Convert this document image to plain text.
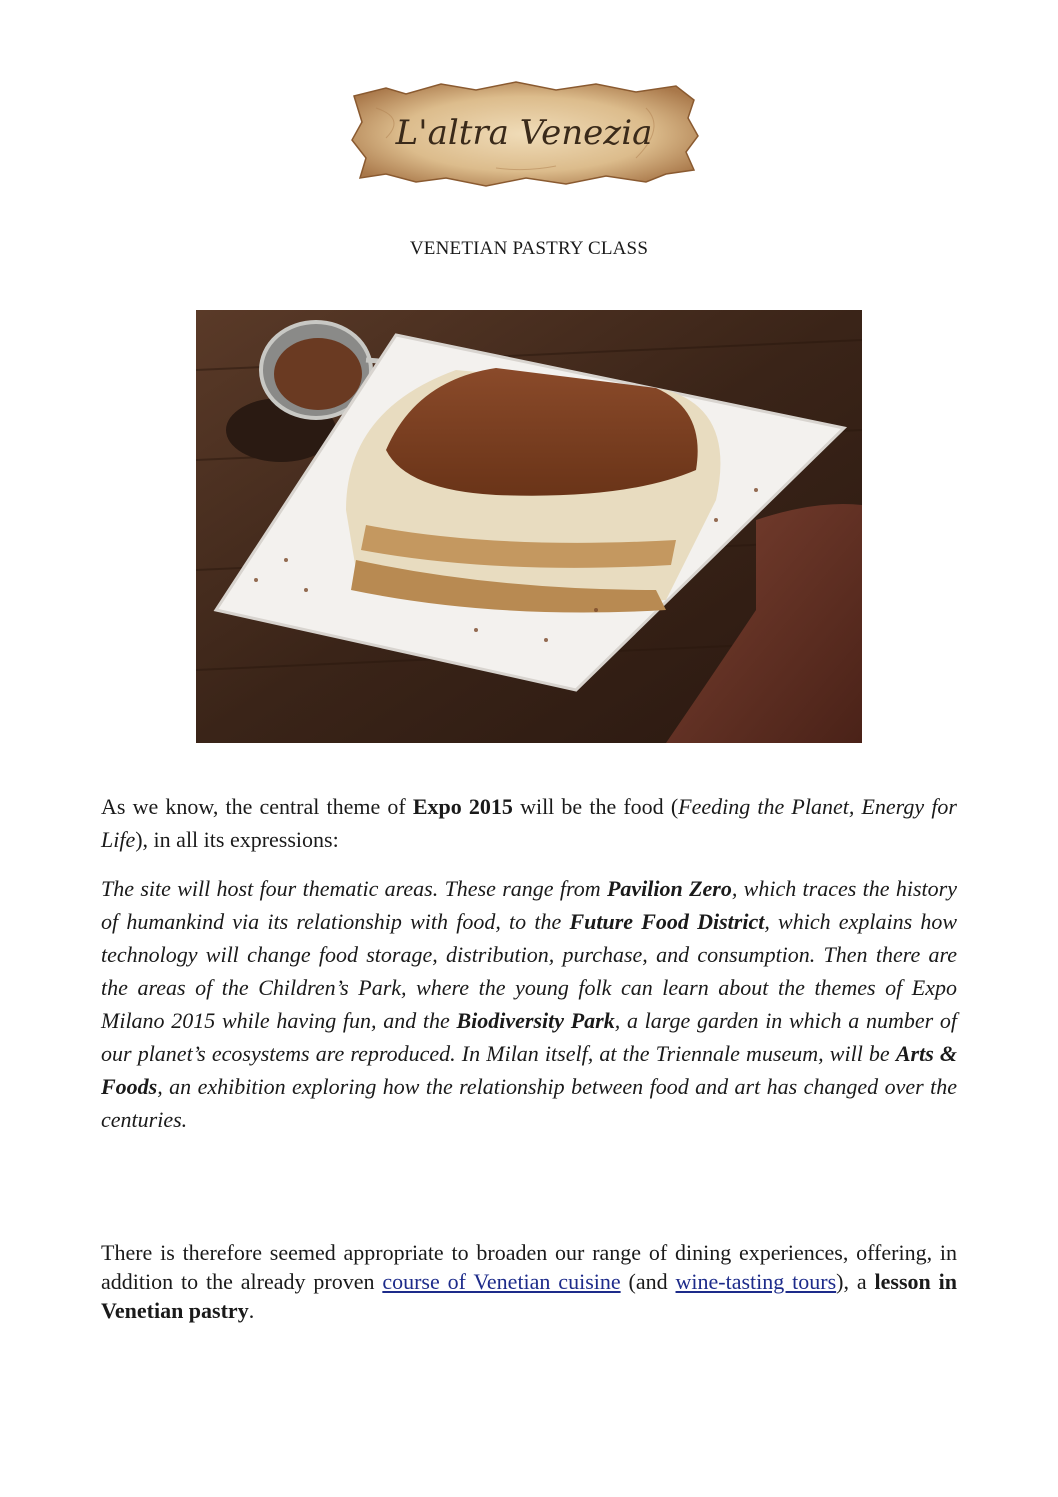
L'altra Venezia
VENETIAN PASTRY CLASS

As we know, the central theme of Expo 2015 will be the food (Feeding the Planet, Energy for Life), in all its expressions:

The site will host four thematic areas. These range from Pavilion Zero, which traces the history of humankind via its relationship with food, to the Future Food District, which explains how technology will change food storage, distribution, purchase, and consumption. Then there are the areas of the Children’s Park, where the young folk can learn about the themes of Expo Milano 2015 while having fun, and the Biodiversity Park, a large garden in which a number of our planet’s ecosystems are reproduced. In Milan itself, at the Triennale museum, will be Arts & Foods, an exhibition exploring how the relationship between food and art has changed over the centuries.

There is therefore seemed appropriate to broaden our range of dining experiences, offering, in addition to the already proven course of Venetian cuisine (and wine-tasting tours), a lesson in Venetian pastry.
